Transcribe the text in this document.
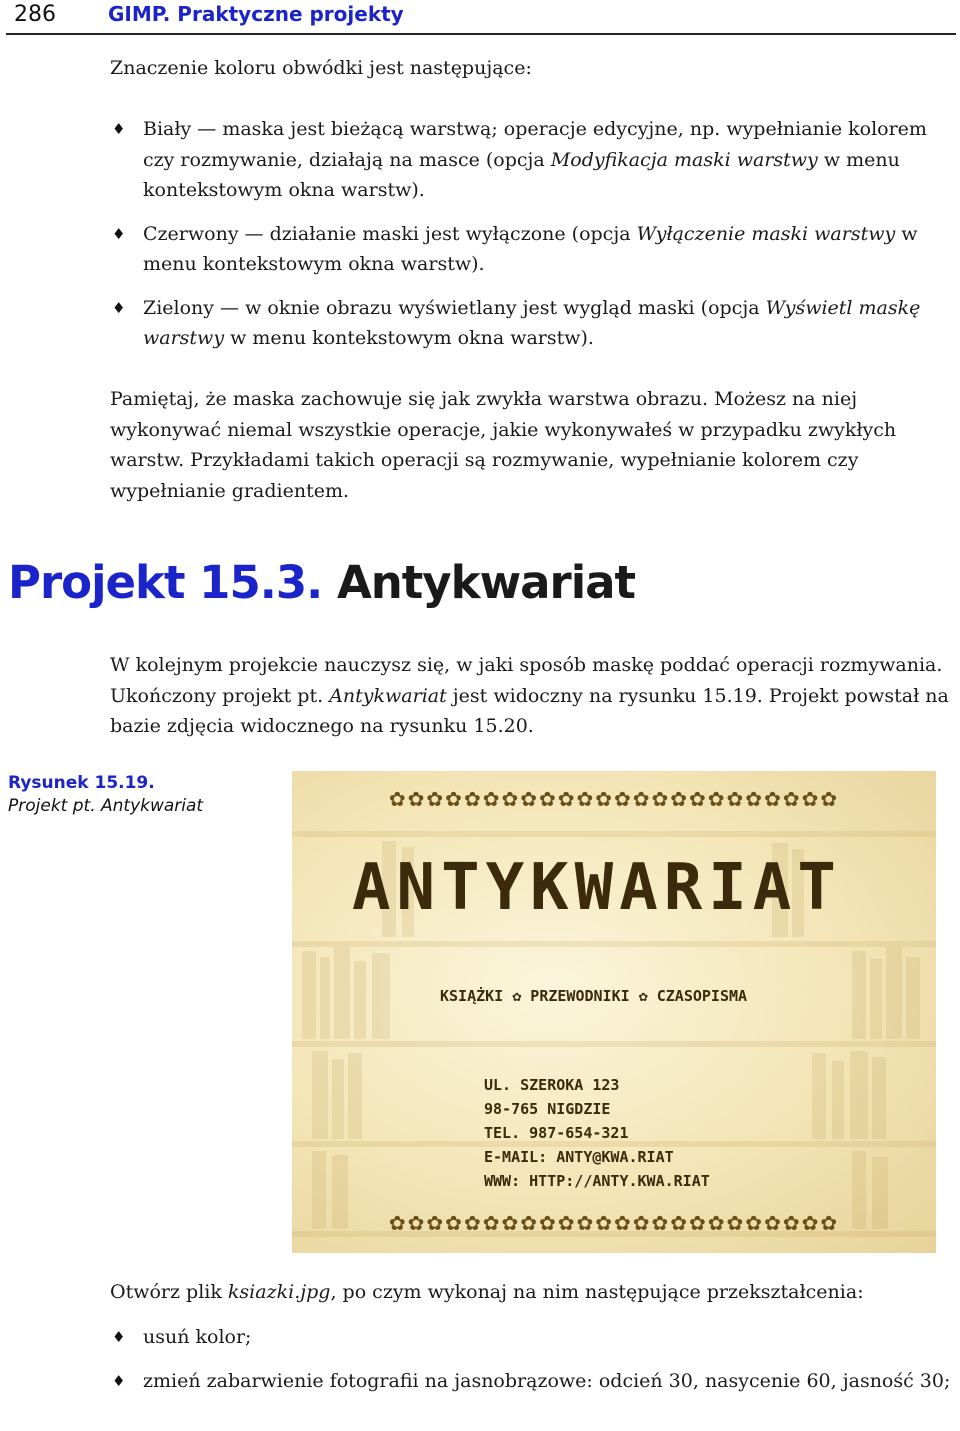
286	GIMP. Praktyczne projekty

Znaczenie koloru obwódki jest następujące:

♦ Biały — maska jest bieżącą warstwą; operacje edycyjne, np. wypełnianie kolorem czy rozmywanie, działają na masce (opcja Modyfikacja maski warstwy w menu kontekstowym okna warstw).
♦ Czerwony — działanie maski jest wyłączone (opcja Wyłączenie maski warstwy w menu kontekstowym okna warstw).
♦ Zielony — w oknie obrazu wyświetlany jest wygląd maski (opcja Wyświetl maskę warstwy w menu kontekstowym okna warstw).

Pamiętaj, że maska zachowuje się jak zwykła warstwa obrazu. Możesz na niej wykonywać niemal wszystkie operacje, jakie wykonywałeś w przypadku zwykłych warstw. Przykładami takich operacji są rozmywanie, wypełnianie kolorem czy wypełnianie gradientem.

Projekt 15.3. Antykwariat

W kolejnym projekcie nauczysz się, w jaki sposób maskę poddać operacji rozmywania. Ukończony projekt pt. Antykwariat jest widoczny na rysunku 15.19. Projekt powstał na bazie zdjęcia widocznego na rysunku 15.20.

Rysunek 15.19.
Projekt pt. Antykwariat	✿✿✿✿✿✿✿✿✿✿✿✿✿✿✿✿✿✿✿✿✿✿✿✿
ANTYKWARIAT
KSIĄŻKI ✿ PRZEWODNIKI ✿ CZASOPISMA
UL. SZEROKA 123
98-765 NIGDZIE
TEL. 987-654-321
E-MAIL: ANTY@KWA.RIAT
WWW: HTTP://ANTY.KWA.RIAT
✿✿✿✿✿✿✿✿✿✿✿✿✿✿✿✿✿✿✿✿✿✿✿✿

Otwórz plik ksiazki.jpg, po czym wykonaj na nim następujące przekształcenia:

♦ usuń kolor;
♦ zmień zabarwienie fotografii na jasnobrązowe: odcień 30, nasycenie 60, jasność 30;
